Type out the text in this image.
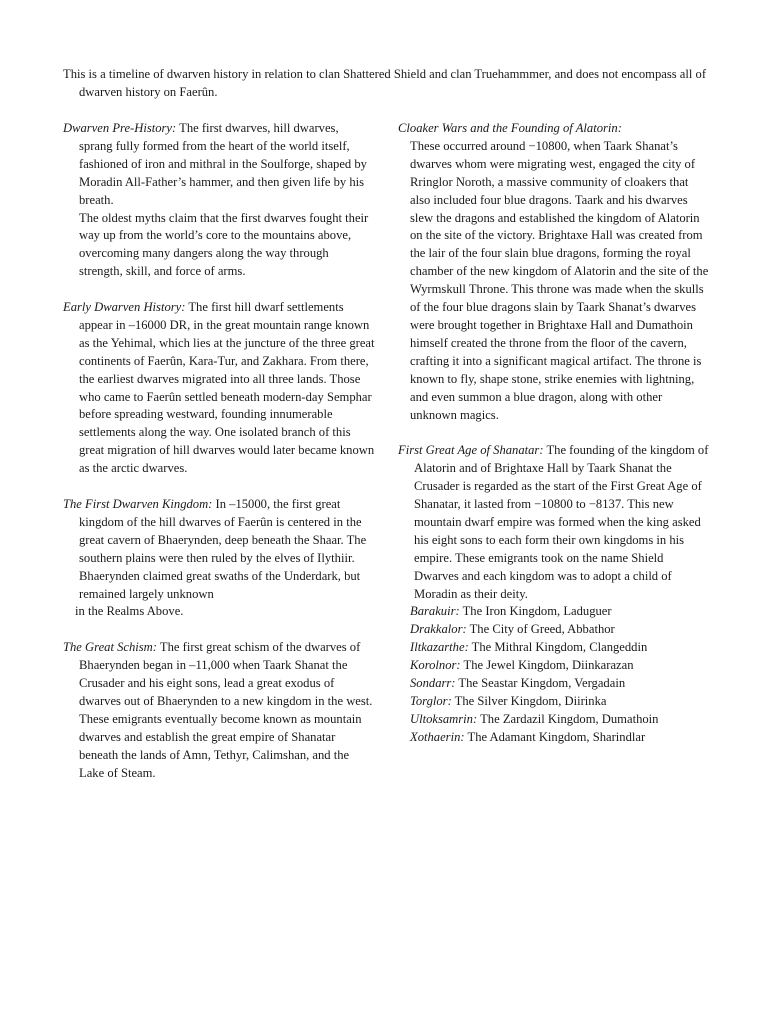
This is a timeline of dwarven history in relation to clan Shattered Shield and clan Truehammmer, and does not encompass all of dwarven history on Faerûn.

Dwarven Pre-History: The first dwarves, hill dwarves, sprang fully formed from the heart of the world itself, fashioned of iron and mithral in the Soulforge, shaped by Moradin All-Father’s hammer, and then given life by his breath.

The oldest myths claim that the first dwarves fought their way up from the world’s core to the mountains above, overcoming many dangers along the way through strength, skill, and force of arms.

Early Dwarven History: The first hill dwarf settlements appear in –16000 DR, in the great mountain range known as the Yehimal, which lies at the juncture of the three great continents of Faerûn, Kara-Tur, and Zakhara. From there, the earliest dwarves migrated into all three lands. Those who came to Faerûn settled beneath modern-day Semphar before spreading westward, founding innumerable settlements along the way. One isolated branch of this great migration of hill dwarves would later became known as the arctic dwarves.

The First Dwarven Kingdom: In –15000, the first great kingdom of the hill dwarves of Faerûn is centered in the great cavern of Bhaerynden, deep beneath the Shaar. The southern plains were then ruled by the elves of Ilythiir. Bhaerynden claimed great swaths of the Underdark, but remained largely unknown

in the Realms Above.

The Great Schism: The first great schism of the dwarves of Bhaerynden began in –11,000 when Taark Shanat the Crusader and his eight sons, lead a great exodus of dwarves out of Bhaerynden to a new kingdom in the west. These emigrants eventually become known as mountain dwarves and establish the great empire of Shanatar beneath the lands of Amn, Tethyr, Calimshan, and the Lake of Steam.

Cloaker Wars and the Founding of Alatorin:

These occurred around −10800, when Taark Shanat’s dwarves whom were migrating west, engaged the city of Rringlor Noroth, a massive community of cloakers that also included four blue dragons. Taark and his dwarves slew the dragons and established the kingdom of Alatorin on the site of the victory. Brightaxe Hall was created from the lair of the four slain blue dragons, forming the royal chamber of the new kingdom of Alatorin and the site of the Wyrmskull Throne. This throne was made when the skulls of the four blue dragons slain by Taark Shanat’s dwarves were brought together in Brightaxe Hall and Dumathoin himself created the throne from the floor of the cavern, crafting it into a significant magical artifact. The throne is known to fly, shape stone, strike enemies with lightning, and even summon a blue dragon, along with other unknown magics.

First Great Age of Shanatar: The founding of the kingdom of Alatorin and of Brightaxe Hall by Taark Shanat the Crusader is regarded as the start of the First Great Age of Shanatar, it lasted from −10800 to −8137. This new mountain dwarf empire was formed when the king asked his eight sons to each form their own kingdoms in his empire. These emigrants took on the name Shield Dwarves and each kingdom was to adopt a child of Moradin as their deity.

Barakuir: The Iron Kingdom, Laduguer

Drakkalor: The City of Greed, Abbathor

Iltkazarthe: The Mithral Kingdom, Clangeddin

Korolnor: The Jewel Kingdom, Diinkarazan

Sondarr: The Seastar Kingdom, Vergadain

Torglor: The Silver Kingdom, Diirinka

Ultoksamrin: The Zardazil Kingdom, Dumathoin

Xothaerin: The Adamant Kingdom, Sharindlar
